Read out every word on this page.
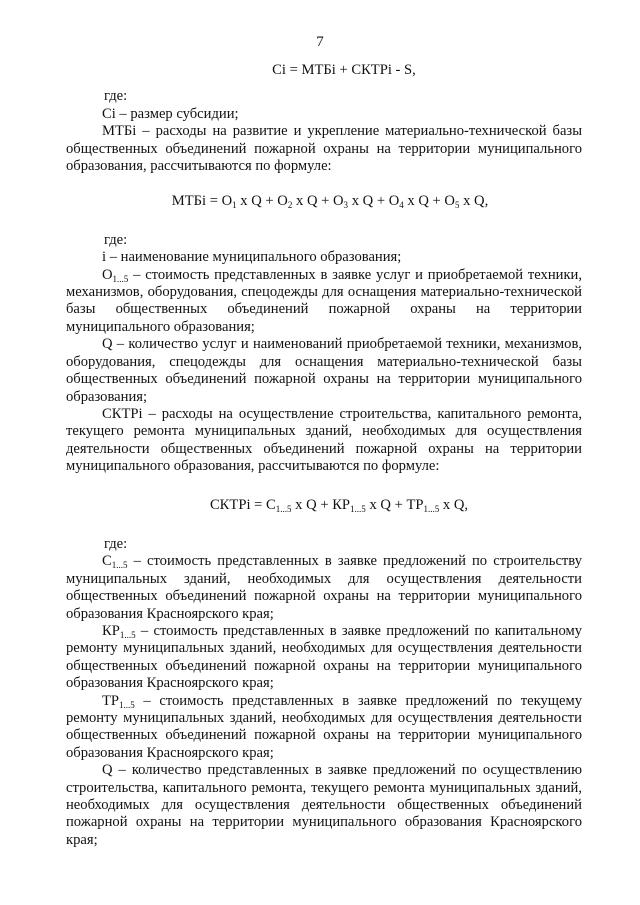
7

Ci = МТБi + СКТРi - S,

где:

Ci – размер субсидии;

МТБi – расходы на развитие и укрепление материально-технической базы общественных объединений пожарной охраны на территории муниципального образования, рассчитываются по формуле:

МТБi = $O_1$ x $Q + O_2$ x $Q + O_3$ x $Q + O_4$ x $Q + O_5$ x Q,

где:

i – наименование муниципального образования;

$O_{1...5}$ – стоимость представленных в заявке услуг и приобретаемой техники, механизмов, оборудования, спецодежды для оснащения материально-технической базы общественных объединений пожарной охраны на территории муниципального образования;

Q – количество услуг и наименований приобретаемой техники, механизмов, оборудования, спецодежды для оснащения материально-технической базы общественных объединений пожарной охраны на территории муниципального образования;

СКТРi – расходы на осуществление строительства, капитального ремонта, текущего ремонта муниципальных зданий, необходимых для осуществления деятельности общественных объединений пожарной охраны на территории муниципального образования, рассчитываются по формуле:

СКТРi = $C_{1...5}$ x $Q + КР_{1...5}$ x $Q + ТР_{1...5}$ x Q,

где:

$C_{1...5}$ – стоимость представленных в заявке предложений по строительству муниципальных зданий, необходимых для осуществления деятельности общественных объединений пожарной охраны на территории муниципального образования Красноярского края;

$КР_{1...5}$ – стоимость представленных в заявке предложений по капитальному ремонту муниципальных зданий, необходимых для осуществления деятельности общественных объединений пожарной охраны на территории муниципального образования Красноярского края;

$ТР_{1...5}$ – стоимость представленных в заявке предложений по текущему ремонту муниципальных зданий, необходимых для осуществления деятельности общественных объединений пожарной охраны на территории муниципального образования Красноярского края;

Q – количество представленных в заявке предложений по осуществлению строительства, капитального ремонта, текущего ремонта муниципальных зданий, необходимых для осуществления деятельности общественных объединений пожарной охраны на территории муниципального образования Красноярского края;
